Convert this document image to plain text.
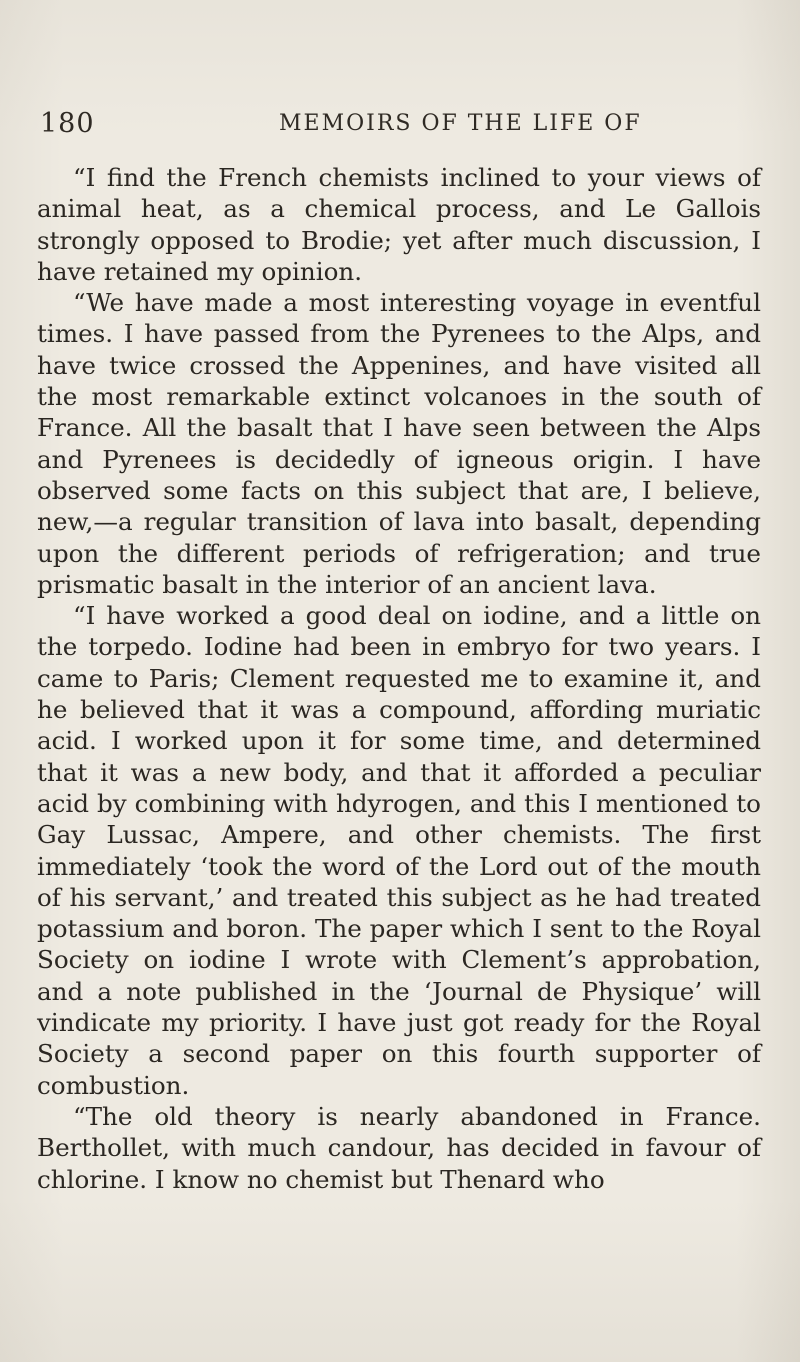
180	MEMOIRS OF THE LIFE OF

“I find the French chemists inclined to your views of animal heat, as a chemical process, and Le Gallois strongly opposed to Brodie; yet after much discussion, I have retained my opinion.

“We have made a most interesting voyage in eventful times. I have passed from the Pyrenees to the Alps, and have twice crossed the Appenines, and have visited all the most remarkable extinct volcanoes in the south of France. All the basalt that I have seen between the Alps and Pyrenees is decidedly of igneous origin. I have observed some facts on this subject that are, I believe, new,—a regular transition of lava into basalt, depending upon the different periods of refrigeration; and true prismatic basalt in the interior of an ancient lava.

“I have worked a good deal on iodine, and a little on the torpedo. Iodine had been in embryo for two years. I came to Paris; Clement requested me to examine it, and he believed that it was a compound, affording muriatic acid. I worked upon it for some time, and determined that it was a new body, and that it afforded a peculiar acid by combining with hdyrogen, and this I mentioned to Gay Lussac, Ampere, and other chemists. The first immediately ‘took the word of the Lord out of the mouth of his servant,’ and treated this subject as he had treated potassium and boron. The paper which I sent to the Royal Society on iodine I wrote with Clement’s approbation, and a note published in the ‘Journal de Physique’ will vindicate my priority. I have just got ready for the Royal Society a second paper on this fourth supporter of combustion.

“The old theory is nearly abandoned in France. Berthollet, with much candour, has decided in favour of chlorine. I know no chemist but Thenard who
